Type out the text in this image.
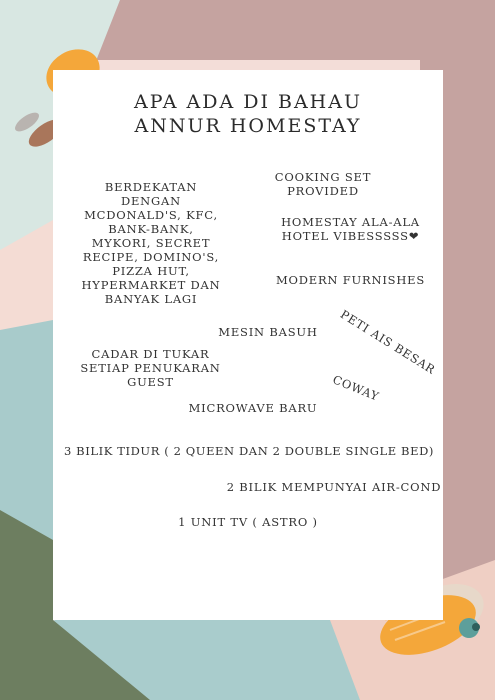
APA ADA DI BAHAU
ANNUR HOMESTAY
BERDEKATAN
DENGAN
MCDONALD'S, KFC,
BANK-BANK,
MYKORI, SECRET
RECIPE, DOMINO'S,
PIZZA HUT,
HYPERMARKET DAN
BANYAK LAGI
COOKING SET
PROVIDED
HOMESTAY ALA-ALA
HOTEL VIBESSSSS❤
MODERN FURNISHES
PETI AIS BESAR
MESIN BASUH
CADAR DI TUKAR
SETIAP PENUKARAN
GUEST	COWAY
MICROWAVE BARU
3 BILIK TIDUR ( 2 QUEEN DAN 2 DOUBLE SINGLE BED)
2 BILIK MEMPUNYAI AIR-COND
1 UNIT TV ( ASTRO )
